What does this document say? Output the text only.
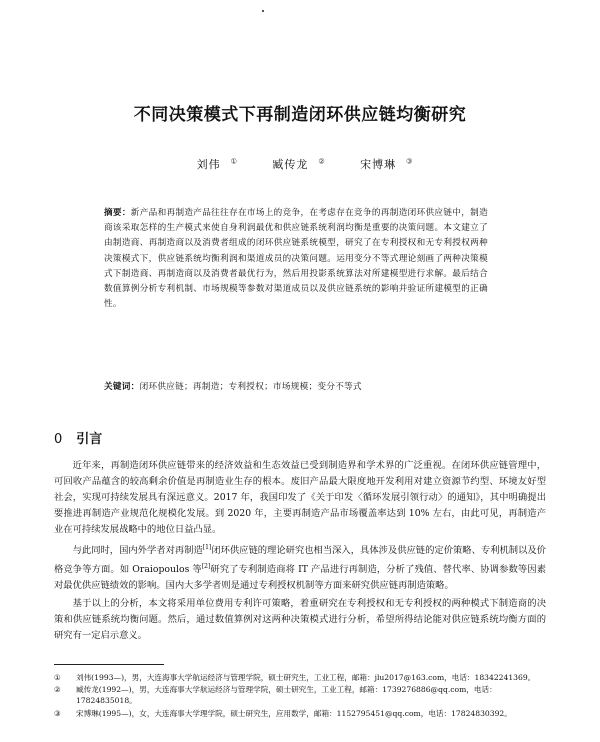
不同决策模式下再制造闭环供应链均衡研究
刘伟 ①	臧传龙 ②	宋博琳 ③
摘要：新产品和再制造产品往往存在市场上的竞争，在考虑存在竞争的再制造闭环供应链中，制造商该采取怎样的生产模式来使自身利润最优和供应链系统利润均衡是重要的决策问题。本文建立了由制造商、再制造商以及消费者组成的闭环供应链系统模型，研究了在专利授权和无专利授权两种决策模式下，供应链系统均衡利润和渠道成员的决策问题。运用变分不等式理论刻画了两种决策模式下制造商、再制造商以及消费者最优行为，然后用投影系统算法对所建模型进行求解。最后结合数值算例分析专利机制、市场规模等参数对渠道成员以及供应链系统的影响并验证所建模型的正确性。
关键词：闭环供应链；再制造；专利授权；市场规模；变分不等式
0 引言

近年来，再制造闭环供应链带来的经济效益和生态效益已受到制造界和学术界的广泛重视。在闭环供应链管理中，可回收产品蕴含的较高剩余价值是再制造业生存的根本。废旧产品最大限度地开发利用对建立资源节约型、环境友好型社会，实现可持续发展具有深远意义。2017 年，我国印发了《关于印发〈循环发展引领行动〉的通知》，其中明确提出要推进再制造产业规范化规模化发展。到 2020 年，主要再制造产品市场覆盖率达到 10% 左右，由此可见，再制造产业在可持续发展战略中的地位日益凸显。

与此同时，国内外学者对再制造[1]闭环供应链的理论研究也相当深入，具体涉及供应链的定价策略、专利机制以及价格竞争等方面。如 Oraiopoulos 等[2]研究了专利制造商将 IT 产品进行再制造，分析了残值、替代率、协调参数等因素对最优供应链绩效的影响。国内大多学者则是通过专利授权机制等方面来研究供应链再制造策略。

基于以上的分析，本文将采用单位费用专利许可策略，着重研究在专利授权和无专利授权的两种模式下制造商的决策和供应链系统均衡问题。然后，通过数值算例对这两种决策模式进行分析，希望所得结论能对供应链系统均衡方面的研究有一定启示意义。

①	刘伟(1993—)，男，大连海事大学航运经济与管理学院，硕士研究生，工业工程，邮箱：jlu2017@163.com，电话：18342241369。
②	臧传龙(1992—)，男，大连海事大学航运经济与管理学院，硕士研究生，工业工程，邮箱：1739276886@qq.com，电话：17824835018。
③	宋博琳(1995—)，女，大连海事大学理学院，硕士研究生，应用数学，邮箱：1152795451@qq.com，电话：17824830392。
